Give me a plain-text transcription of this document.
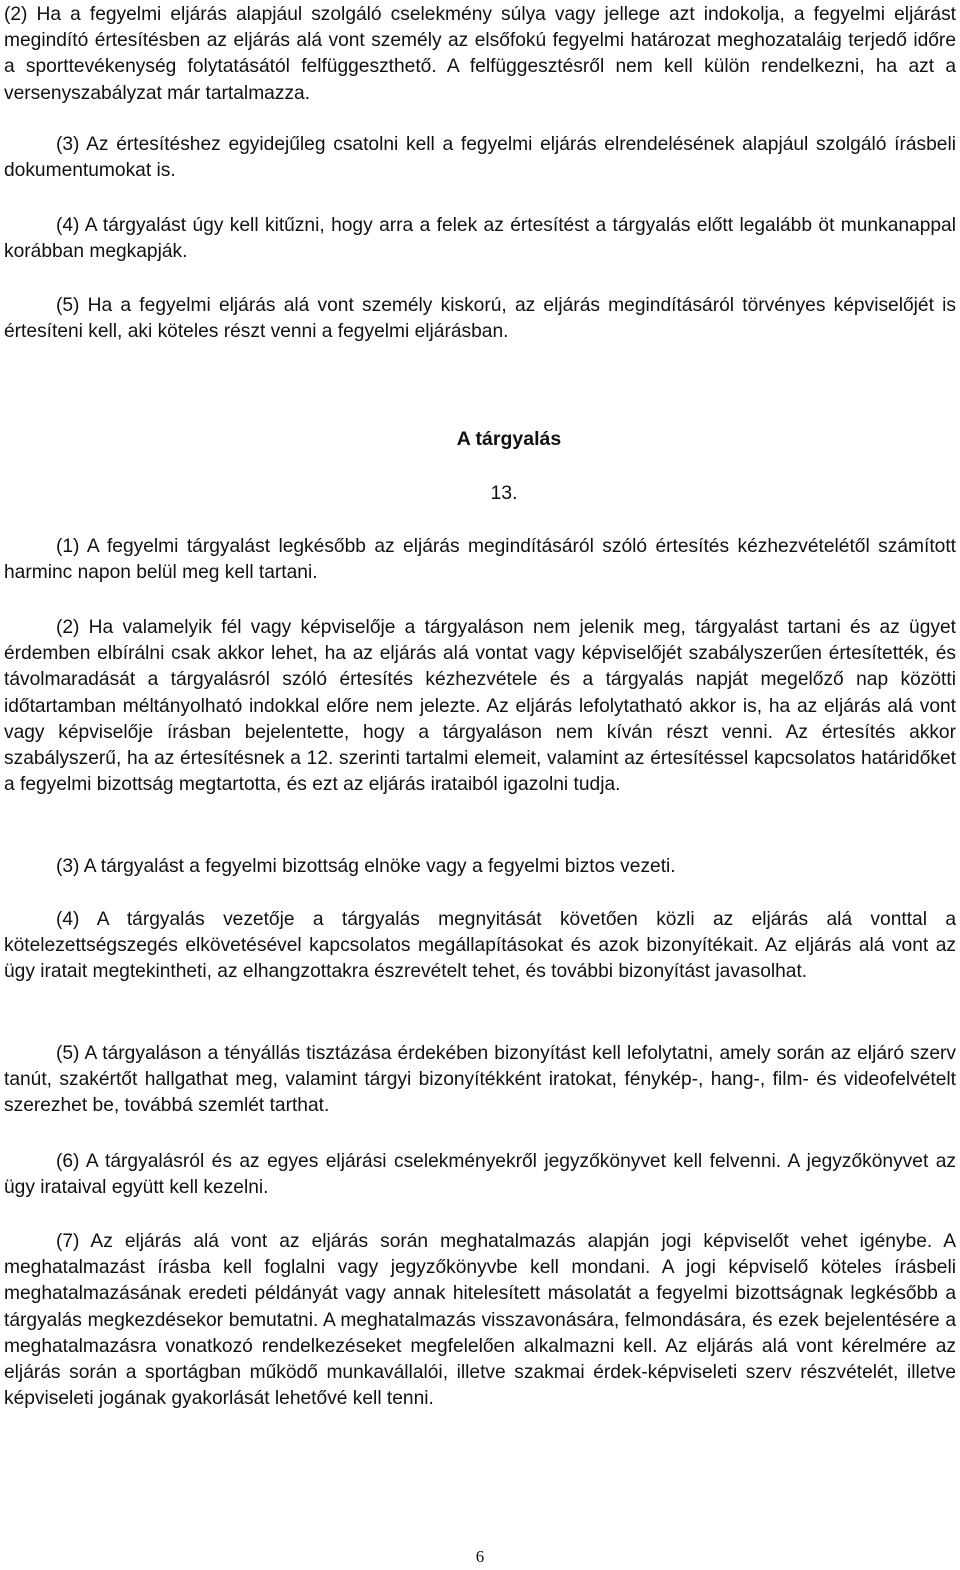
(2) Ha a fegyelmi eljárás alapjául szolgáló cselekmény súlya vagy jellege azt indokolja, a fegyelmi eljárást megindító értesítésben az eljárás alá vont személy az elsőfokú fegyelmi határozat meghozataláig terjedő időre a sporttevékenység folytatásától felfüggeszthető. A felfüggesztésről nem kell külön rendelkezni, ha azt a versenyszabályzat már tartalmazza.

(3) Az értesítéshez egyidejűleg csatolni kell a fegyelmi eljárás elrendelésének alapjául szolgáló írásbeli dokumentumokat is.

(4) A tárgyalást úgy kell kitűzni, hogy arra a felek az értesítést a tárgyalás előtt legalább öt munkanappal korábban megkapják.

(5) Ha a fegyelmi eljárás alá vont személy kiskorú, az eljárás megindításáról törvényes képviselőjét is értesíteni kell, aki köteles részt venni a fegyelmi eljárásban.

A tárgyalás
13.

(1) A fegyelmi tárgyalást legkésőbb az eljárás megindításáról szóló értesítés kézhezvételétől számított harminc napon belül meg kell tartani.

(2) Ha valamelyik fél vagy képviselője a tárgyaláson nem jelenik meg, tárgyalást tartani és az ügyet érdemben elbírálni csak akkor lehet, ha az eljárás alá vontat vagy képviselőjét szabályszerűen értesítették, és távolmaradását a tárgyalásról szóló értesítés kézhezvétele és a tárgyalás napját megelőző nap közötti időtartamban méltányolható indokkal előre nem jelezte. Az eljárás lefolytatható akkor is, ha az eljárás alá vont vagy képviselője írásban bejelentette, hogy a tárgyaláson nem kíván részt venni. Az értesítés akkor szabályszerű, ha az értesítésnek a 12. szerinti tartalmi elemeit, valamint az értesítéssel kapcsolatos határidőket a fegyelmi bizottság megtartotta, és ezt az eljárás irataiból igazolni tudja.

(3) A tárgyalást a fegyelmi bizottság elnöke vagy a fegyelmi biztos vezeti.

(4) A tárgyalás vezetője a tárgyalás megnyitását követően közli az eljárás alá vonttal a kötelezettségszegés elkövetésével kapcsolatos megállapításokat és azok bizonyítékait. Az eljárás alá vont az ügy iratait megtekintheti, az elhangzottakra észrevételt tehet, és további bizonyítást javasolhat.

(5) A tárgyaláson a tényállás tisztázása érdekében bizonyítást kell lefolytatni, amely során az eljáró szerv tanút, szakértőt hallgathat meg, valamint tárgyi bizonyítékként iratokat, fénykép-, hang-, film- és videofelvételt szerezhet be, továbbá szemlét tarthat.

(6) A tárgyalásról és az egyes eljárási cselekményekről jegyzőkönyvet kell felvenni. A jegyzőkönyvet az ügy irataival együtt kell kezelni.

(7) Az eljárás alá vont az eljárás során meghatalmazás alapján jogi képviselőt vehet igénybe. A meghatalmazást írásba kell foglalni vagy jegyzőkönyvbe kell mondani. A jogi képviselő köteles írásbeli meghatalmazásának eredeti példányát vagy annak hitelesített másolatát a fegyelmi bizottságnak legkésőbb a tárgyalás megkezdésekor bemutatni. A meghatalmazás visszavonására, felmondására, és ezek bejelentésére a meghatalmazásra vonatkozó rendelkezéseket megfelelően alkalmazni kell. Az eljárás alá vont kérelmére az eljárás során a sportágban működő munkavállalói, illetve szakmai érdek-képviseleti szerv részvételét, illetve képviseleti jogának gyakorlását lehetővé kell tenni.

6
